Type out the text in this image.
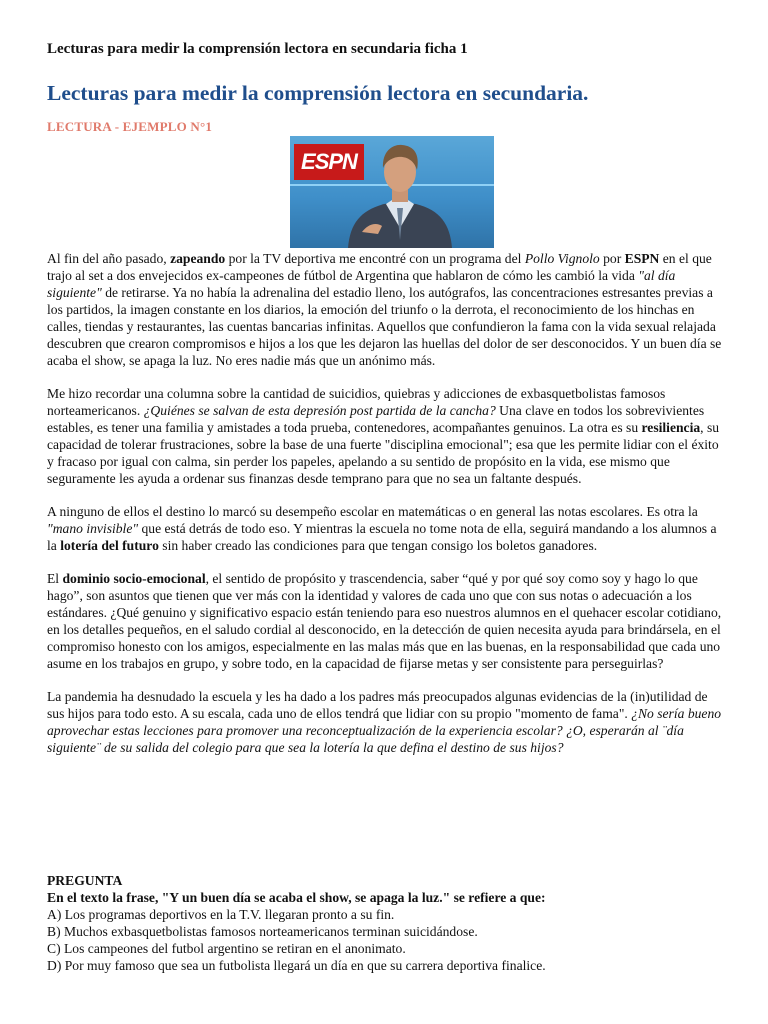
Lecturas para medir la comprensión lectora en secundaria ficha 1
Lecturas para medir la comprensión lectora en secundaria.
LECTURA - EJEMPLO N°1
ESPN

Al fin del año pasado, zapeando por la TV deportiva me encontré con un programa del Pollo Vignolo por ESPN en el que trajo al set a dos envejecidos ex-campeones de fútbol de Argentina que hablaron de cómo les cambió la vida "al día siguiente" de retirarse. Ya no había la adrenalina del estadio lleno, los autógrafos, las concentraciones estresantes previas a los partidos, la imagen constante en los diarios, la emoción del triunfo o la derrota, el reconocimiento de los hinchas en calles, tiendas y restaurantes, las cuentas bancarias infinitas. Aquellos que confundieron la fama con la vida sexual relajada descubren que crearon compromisos e hijos a los que les dejaron las huellas del dolor de ser desconocidos. Y un buen día se acaba el show, se apaga la luz. No eres nadie más que un anónimo más.

Me hizo recordar una columna sobre la cantidad de suicidios, quiebras y adicciones de exbasquetbolistas famosos norteamericanos. ¿Quiénes se salvan de esta depresión post partida de la cancha? Una clave en todos los sobrevivientes estables, es tener una familia y amistades a toda prueba, contenedores, acompañantes genuinos. La otra es su resiliencia, su capacidad de tolerar frustraciones, sobre la base de una fuerte "disciplina emocional"; esa que les permite lidiar con el éxito y fracaso por igual con calma, sin perder los papeles, apelando a su sentido de propósito en la vida, ese mismo que seguramente les ayuda a ordenar sus finanzas desde temprano para que no sea un faltante después.

A ninguno de ellos el destino lo marcó su desempeño escolar en matemáticas o en general las notas escolares. Es otra la "mano invisible" que está detrás de todo eso. Y mientras la escuela no tome nota de ella, seguirá mandando a los alumnos a la lotería del futuro sin haber creado las condiciones para que tengan consigo los boletos ganadores.

El dominio socio-emocional, el sentido de propósito y trascendencia, saber “qué y por qué soy como soy y hago lo que hago”, son asuntos que tienen que ver más con la identidad y valores de cada uno que con sus notas o adecuación a los estándares. ¿Qué genuino y significativo espacio están teniendo para eso nuestros alumnos en el quehacer escolar cotidiano, en los detalles pequeños, en el saludo cordial al desconocido, en la detección de quien necesita ayuda para brindársela, en el compromiso honesto con los amigos, especialmente en las malas más que en las buenas, en la responsabilidad que cada uno asume en los trabajos en grupo, y sobre todo, en la capacidad de fijarse metas y ser consistente para perseguirlas?

La pandemia ha desnudado la escuela y les ha dado a los padres más preocupados algunas evidencias de la (in)utilidad de sus hijos para todo esto. A su escala, cada uno de ellos tendrá que lidiar con su propio "momento de fama". ¿No sería bueno aprovechar estas lecciones para promover una reconceptualización de la experiencia escolar? ¿O, esperarán al ¨día siguiente¨ de su salida del colegio para que sea la lotería la que defina el destino de sus hijos?

PREGUNTA
En el texto la frase, "Y un buen día se acaba el show, se apaga la luz." se refiere a que:
A) Los programas deportivos en la T.V. llegaran pronto a su fin.
B) Muchos exbasquetbolistas famosos norteamericanos terminan suicidándose.
C) Los campeones del futbol argentino se retiran en el anonimato.
D) Por muy famoso que sea un futbolista llegará un día en que su carrera deportiva finalice.
